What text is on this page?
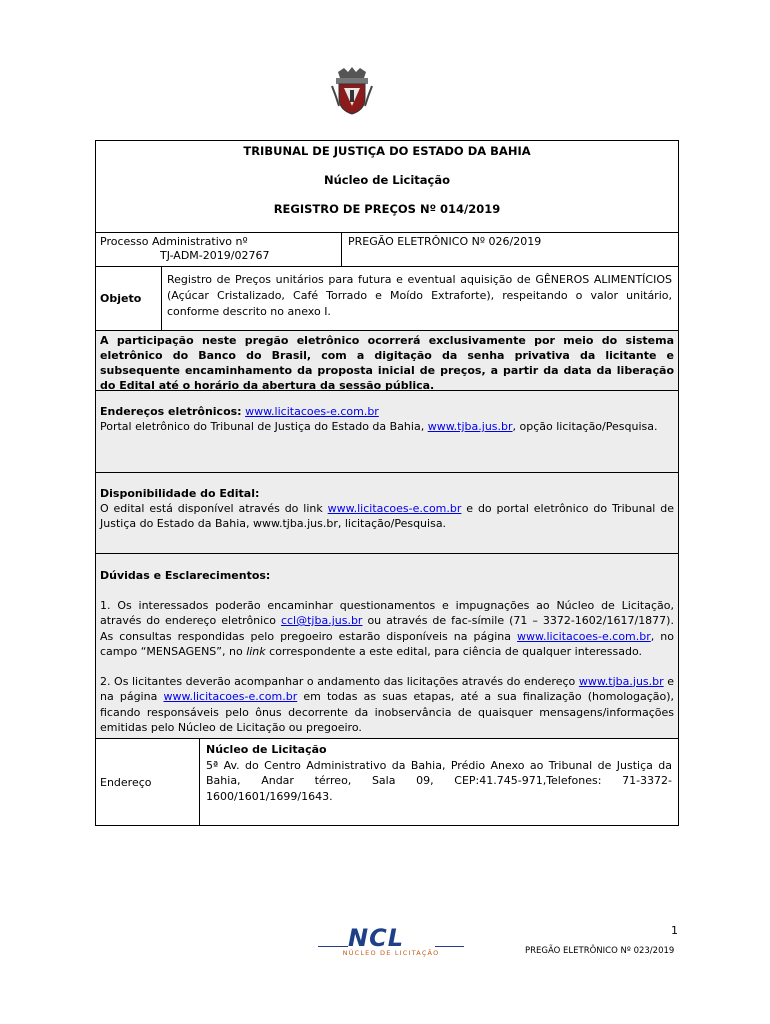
TRIBUNAL DE JUSTIÇA DO ESTADO DA BAHIA
Núcleo de Licitação
REGISTRO DE PREÇOS Nº 014/2019
Processo Administrativo nº
TJ-ADM-2019/02767
PREGÃO ELETRÔNICO Nº 026/2019
Objeto
Registro de Preços unitários para futura e eventual aquisição de GÊNEROS ALIMENTÍCIOS (Açúcar Cristalizado, Café Torrado e Moído Extraforte), respeitando o valor unitário, conforme descrito no anexo I.
A participação neste pregão eletrônico ocorrerá exclusivamente por meio do sistema eletrônico do Banco do Brasil, com a digitação da senha privativa da licitante e subsequente encaminhamento da proposta inicial de preços, a partir da data da liberação do Edital até o horário da abertura da sessão pública.
Endereços eletrônicos: www.licitacoes-e.com.br
Portal eletrônico do Tribunal de Justiça do Estado da Bahia, www.tjba.jus.br, opção licitação/Pesquisa.
Disponibilidade do Edital:
O edital está disponível através do link www.licitacoes-e.com.br e do portal eletrônico do Tribunal de Justiça do Estado da Bahia, www.tjba.jus.br, licitação/Pesquisa.

Dúvidas e Esclarecimentos:

1. Os interessados poderão encaminhar questionamentos e impugnações ao Núcleo de Licitação, através do endereço eletrônico ccl@tjba.jus.br ou através de fac-símile (71 – 3372-1602/1617/1877). As consultas respondidas pelo pregoeiro estarão disponíveis na página www.licitacoes-e.com.br, no campo “MENSAGENS”, no link correspondente a este edital, para ciência de qualquer interessado.

2. Os licitantes deverão acompanhar o andamento das licitações através do endereço www.tjba.jus.br e na página www.licitacoes-e.com.br em todas as suas etapas, até a sua finalização (homologação), ficando responsáveis pelo ônus decorrente da inobservância de quaisquer mensagens/informações emitidas pelo Núcleo de Licitação ou pregoeiro.

Endereço
Núcleo de Licitação
5ª Av. do Centro Administrativo da Bahia, Prédio Anexo ao Tribunal de Justiça da Bahia, Andar térreo, Sala 09, CEP:41.745-971,Telefones: 71-3372-1600/1601/1699/1643.
1
NCL
NÚCLEO DE LICITAÇÃO	PREGÃO ELETRÔNICO Nº 023/2019
